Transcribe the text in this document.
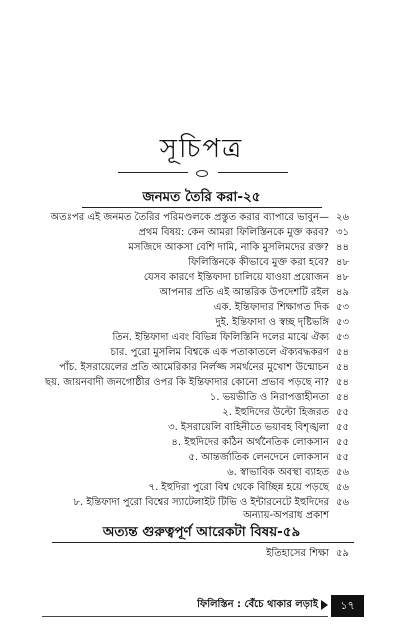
সূচিপত্র
জনমত তৈরি করা-২৫
অতঃপর এই জনমত তৈরির পরিমণ্ডলকে প্রস্তুত করার ব্যাপারে ভাবুন— ২৬
প্রথম বিষয়: কেন আমরা ফিলিস্তিনকে মুক্ত করব? ৩১
মসজিদে আকসা বেশি দামি, নাকি মুসলিমদের রক্ত? ৪৪
ফিলিস্তিনকে কীভাবে মুক্ত করা হবে? ৪৮
যেসব কারণে ইন্তিফাদা চালিয়ে যাওয়া প্রয়োজন ৪৮
আপনার প্রতি এই আন্তরিক উপদেশটি রইল ৪৯
এক. ইন্তিফাদার শিক্ষাগত দিক ৫৩
দুই. ইন্তিফাদা ও স্বচ্ছ দৃষ্টিভঙ্গি ৫৩
তিন. ইন্তিফাদা এবং বিভিন্ন ফিলিস্তিনি দলের মাঝে ঐক্য ৫৩
চার. পুরো মুসলিম বিশ্বকে এক পতাকাতলে ঐক্যবদ্ধকরণ ৫৪
পাঁচ. ইসরায়েলের প্রতি আমেরিকার নির্লজ্জ সমর্থনের মুখোশ উন্মোচন ৫৪
ছয়. জায়নবাদী জনগোষ্ঠীর ওপর কি ইন্তিফাদার কোনো প্রভাব পড়ছে না? ৫৪
১. ভয়ভীতি ও নিরাপত্তাহীনতা ৫৪
২. ইহুদিদের উল্টো হিজরত ৫৫
৩. ইসরায়েলি বাহিনীতে ভয়াবহ বিশৃঙ্খলা ৫৫
৪. ইহুদিদের কঠিন অর্থনৈতিক লোকসান ৫৫
৫. আন্তর্জাতিক লেনদেনে লোকসান ৫৫
৬. স্বাভাবিক অবস্থা ব্যাহত ৫৬
৭. ইহুদিরা পুরো বিশ্ব থেকে বিচ্ছিন্ন হয়ে পড়ছে ৫৬
৮. ইন্তিফাদা পুরো বিশ্বের স্যাটেলাইট টিভি ও ইন্টারনেটে ইহুদিদের অন্যায়-অপরাধ প্রকাশ
৫৬
অত্যন্ত গুরুত্বপূর্ণ আরেকটা বিষয়-৫৯
ইতিহাসের শিক্ষা ৫৯
ফিলিস্তিন : বেঁচে থাকার লড়াই	১৭
